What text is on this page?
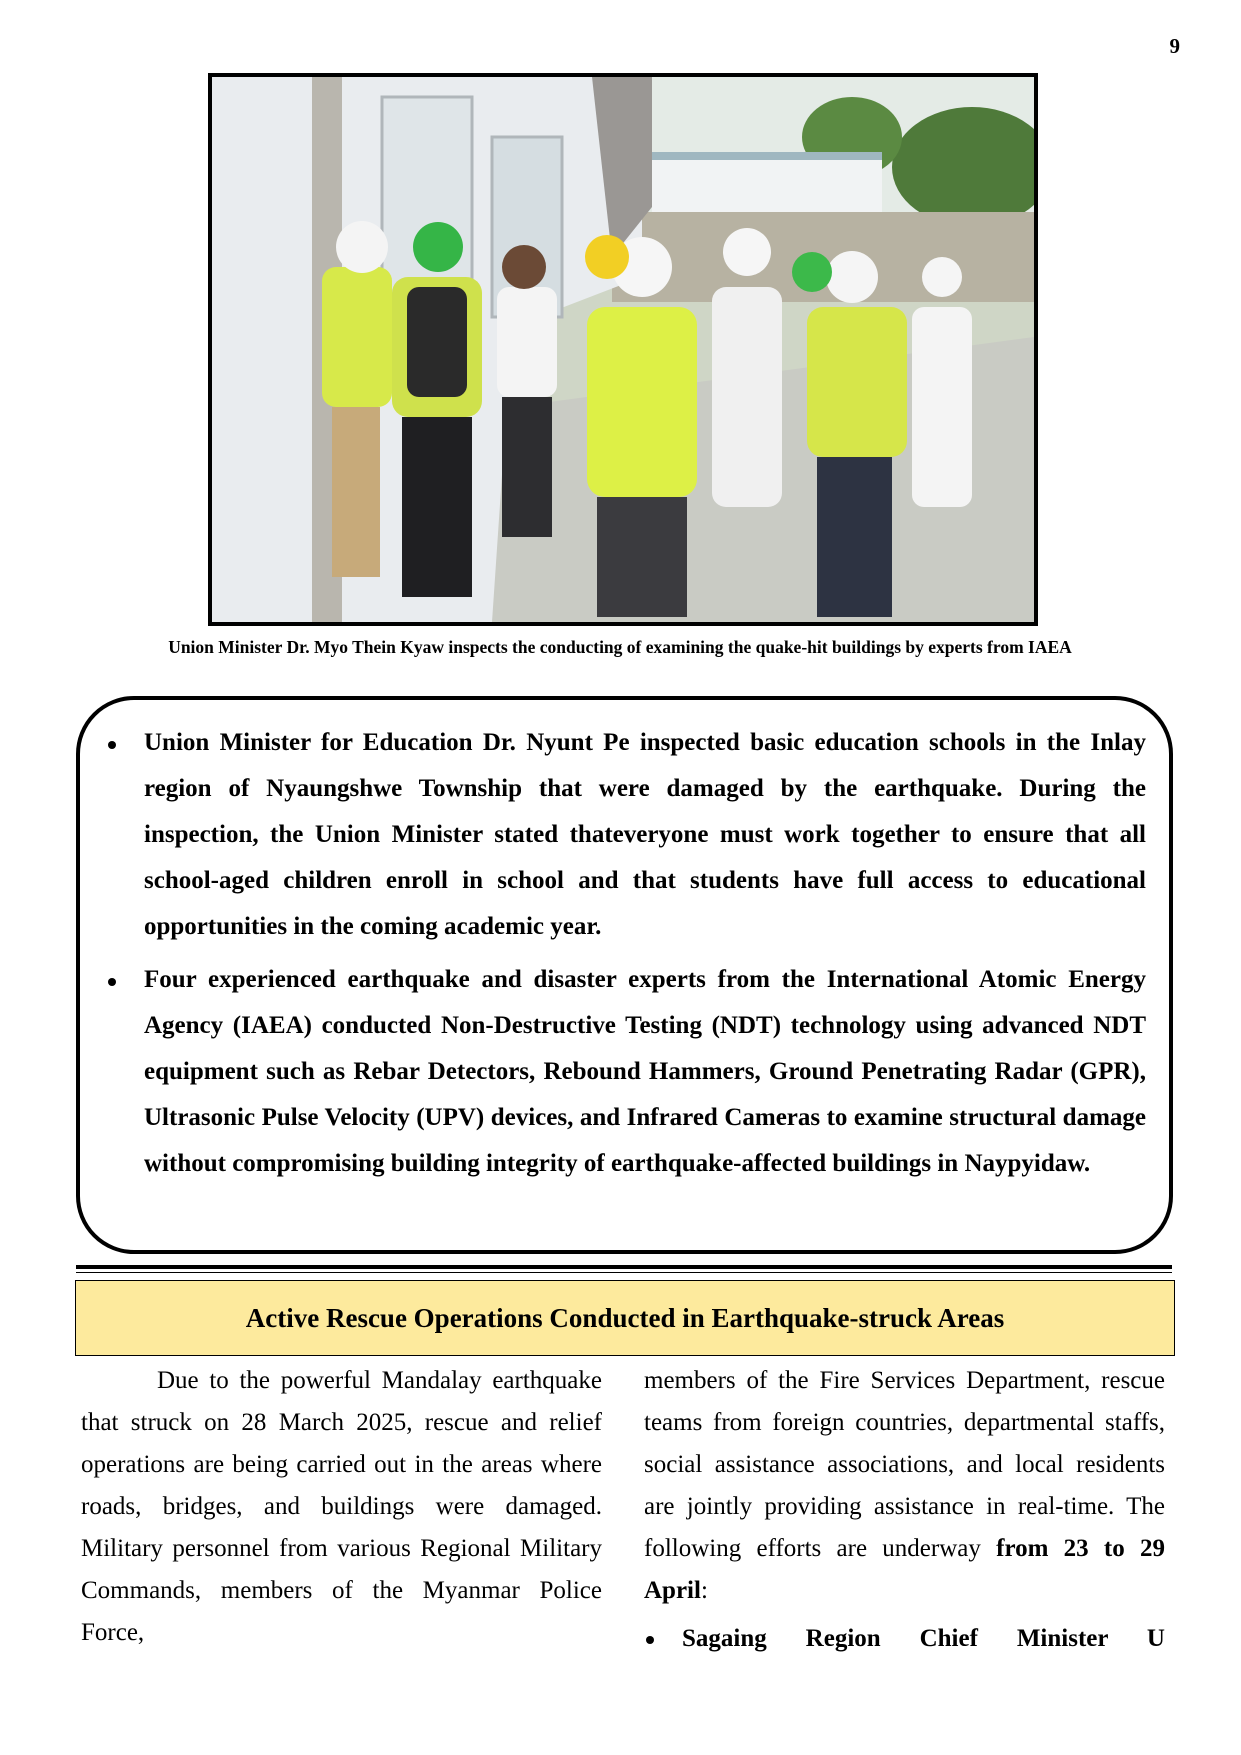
9
Union Minister Dr. Myo Thein Kyaw inspects the conducting of examining the quake-hit buildings by experts from IAEA
Union Minister for Education Dr. Nyunt Pe inspected basic education schools in the Inlay region of Nyaungshwe Township that were damaged by the earthquake. During the inspection, the Union Minister stated thateveryone must work together to ensure that all school-aged children enroll in school and that students have full access to educational opportunities in the coming academic year.
Four experienced earthquake and disaster experts from the International Atomic Energy Agency (IAEA) conducted Non-Destructive Testing (NDT) technology using advanced NDT equipment such as Rebar Detectors, Rebound Hammers, Ground Penetrating Radar (GPR), Ultrasonic Pulse Velocity (UPV) devices, and Infrared Cameras to examine structural damage without compromising building integrity of earthquake-affected buildings in Naypyidaw.
Active Rescue Operations Conducted in Earthquake-struck Areas

Due to the powerful Mandalay earthquake that struck on 28 March 2025, rescue and relief operations are being carried out in the areas where roads, bridges, and buildings were damaged. Military personnel from various Regional Military Commands, members of the Myanmar Police Force,

members of the Fire Services Department, rescue teams from foreign countries, departmental staffs, social assistance associations, and local residents are jointly providing assistance in real-time. The following efforts are underway from 23 to 29 April:

Sagaing Region Chief Minister U
